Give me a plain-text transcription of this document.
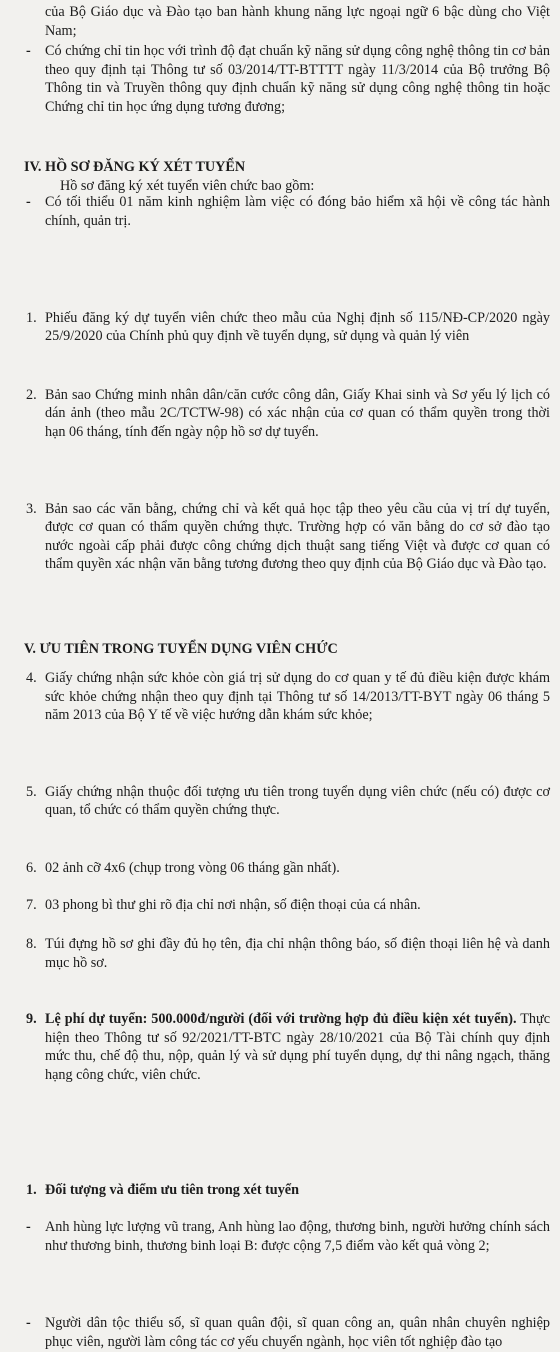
của Bộ Giáo dục và Đào tạo ban hành khung năng lực ngoại ngữ 6 bậc dùng cho Việt Nam;
- Có chứng chỉ tin học với trình độ đạt chuẩn kỹ năng sử dụng công nghệ thông tin cơ bản theo quy định tại Thông tư số 03/2014/TT-BTTTT ngày 11/3/2014 của Bộ trưởng Bộ Thông tin và Truyền thông quy định chuẩn kỹ năng sử dụng công nghệ thông tin hoặc Chứng chỉ tin học ứng dụng tương đương;
- Có tối thiểu 01 năm kinh nghiệm làm việc có đóng bảo hiểm xã hội về công tác hành chính, quản trị.
IV. HỒ SƠ ĐĂNG KÝ XÉT TUYỂN
Hồ sơ đăng ký xét tuyển viên chức bao gồm:
1. Phiếu đăng ký dự tuyển viên chức theo mẫu của Nghị định số 115/NĐ-CP/2020 ngày 25/9/2020 của Chính phủ quy định về tuyển dụng, sử dụng và quản lý viên
2. Bản sao Chứng minh nhân dân/căn cước công dân, Giấy Khai sinh và Sơ yếu lý lịch có dán ảnh (theo mẫu 2C/TCTW-98) có xác nhận của cơ quan có thẩm quyền trong thời hạn 06 tháng, tính đến ngày nộp hồ sơ dự tuyển.
3. Bản sao các văn bằng, chứng chỉ và kết quả học tập theo yêu cầu của vị trí dự tuyển, được cơ quan có thẩm quyền chứng thực. Trường hợp có văn bằng do cơ sở đào tạo nước ngoài cấp phải được công chứng dịch thuật sang tiếng Việt và được cơ quan có thẩm quyền xác nhận văn bằng tương đương theo quy định của Bộ Giáo dục và Đào tạo.
4. Giấy chứng nhận sức khỏe còn giá trị sử dụng do cơ quan y tế đủ điều kiện được khám sức khỏe chứng nhận theo quy định tại Thông tư số 14/2013/TT-BYT ngày 06 tháng 5 năm 2013 của Bộ Y tế về việc hướng dẫn khám sức khỏe;
5. Giấy chứng nhận thuộc đối tượng ưu tiên trong tuyển dụng viên chức (nếu có) được cơ quan, tổ chức có thẩm quyền chứng thực.
6. 02 ảnh cỡ 4x6 (chụp trong vòng 06 tháng gần nhất).
7. 03 phong bì thư ghi rõ địa chỉ nơi nhận, số điện thoại của cá nhân.
8. Túi đựng hồ sơ ghi đầy đủ họ tên, địa chỉ nhận thông báo, số điện thoại liên hệ và danh mục hồ sơ.
9. Lệ phí dự tuyển: 500.000đ/người (đối với trường hợp đủ điều kiện xét tuyển). Thực hiện theo Thông tư số 92/2021/TT-BTC ngày 28/10/2021 của Bộ Tài chính quy định mức thu, chế độ thu, nộp, quản lý và sử dụng phí tuyển dụng, dự thi nâng ngạch, thăng hạng công chức, viên chức.
V. ƯU TIÊN TRONG TUYỂN DỤNG VIÊN CHỨC
1. Đối tượng và điểm ưu tiên trong xét tuyển
- Anh hùng lực lượng vũ trang, Anh hùng lao động, thương binh, người hưởng chính sách như thương binh, thương binh loại B: được cộng 7,5 điểm vào kết quả vòng 2;
- Người dân tộc thiểu số, sĩ quan quân đội, sĩ quan công an, quân nhân chuyên nghiệp phục viên, người làm công tác cơ yếu chuyển ngành, học viên tốt nghiệp đào tạo
